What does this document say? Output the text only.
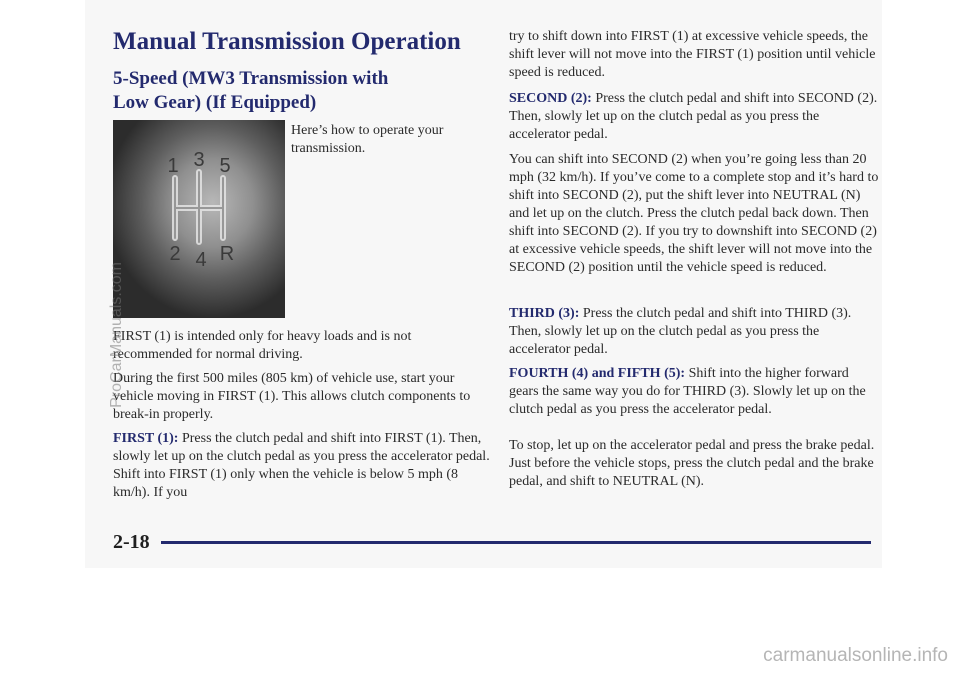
Manual Transmission Operation
5-Speed (MW3 Transmission with
Low Gear) (If Equipped)
1 3 5
2 4 R
Here’s how to operate your transmission.

FIRST (1) is intended only for heavy loads and is not recommended for normal driving.

During the first 500 miles (805 km) of vehicle use, start your vehicle moving in FIRST (1). This allows clutch components to break-in properly.

FIRST (1): Press the clutch pedal and shift into FIRST (1). Then, slowly let up on the clutch pedal as you press the accelerator pedal. Shift into FIRST (1) only when the vehicle is below 5 mph (8 km/h). If you

try to shift down into FIRST (1) at excessive vehicle speeds, the shift lever will not move into the FIRST (1) position until vehicle speed is reduced.

SECOND (2): Press the clutch pedal and shift into SECOND (2). Then, slowly let up on the clutch pedal as you press the accelerator pedal.

You can shift into SECOND (2) when you’re going less than 20 mph (32 km/h). If you’ve come to a complete stop and it’s hard to shift into SECOND (2), put the shift lever into NEUTRAL (N) and let up on the clutch. Press the clutch pedal back down. Then shift into SECOND (2). If you try to downshift into SECOND (2) at excessive vehicle speeds, the shift lever will not move into the SECOND (2) position until the vehicle speed is reduced.

THIRD (3): Press the clutch pedal and shift into THIRD (3). Then, slowly let up on the clutch pedal as you press the accelerator pedal.

FOURTH (4) and FIFTH (5): Shift into the higher forward gears the same way you do for THIRD (3). Slowly let up on the clutch pedal as you press the accelerator pedal.

To stop, let up on the accelerator pedal and press the brake pedal. Just before the vehicle stops, press the clutch pedal and the brake pedal, and shift to NEUTRAL (N).

2-18
ProCarManuals.com
carmanualsonline.info
